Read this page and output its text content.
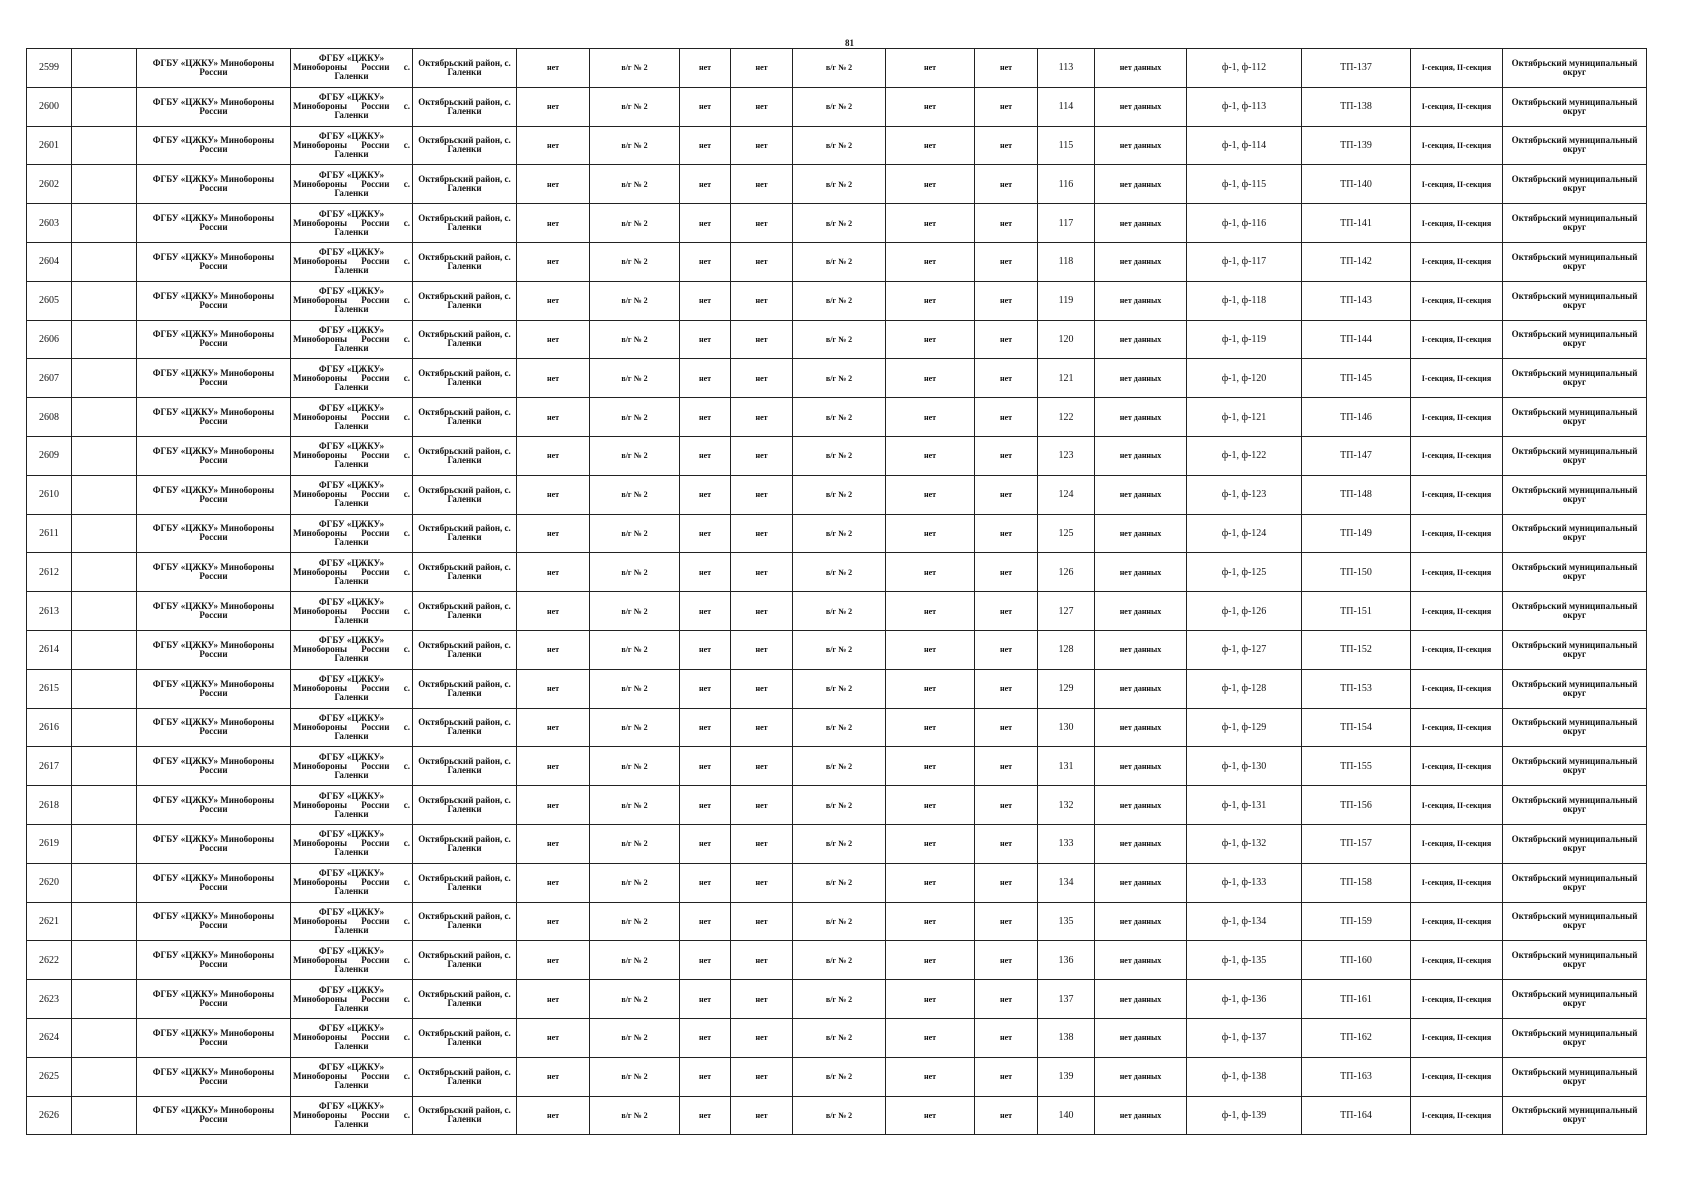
81
2599		ФГБУ «ЦЖКУ» Минобороны России	ФГБУ «ЦЖКУ»
Минобороны России с.
Галенки	Октябрьский район, с. Галенки	нет	в/г № 2	нет	нет	в/г № 2	нет	нет	113	нет данных	ф-1, ф-112	ТП-137	I-секция, II-секция	Октябрьский муниципальный округ
2600		ФГБУ «ЦЖКУ» Минобороны России	ФГБУ «ЦЖКУ»
Минобороны России с.
Галенки	Октябрьский район, с. Галенки	нет	в/г № 2	нет	нет	в/г № 2	нет	нет	114	нет данных	ф-1, ф-113	ТП-138	I-секция, II-секция	Октябрьский муниципальный округ
2601		ФГБУ «ЦЖКУ» Минобороны России	ФГБУ «ЦЖКУ»
Минобороны России с.
Галенки	Октябрьский район, с. Галенки	нет	в/г № 2	нет	нет	в/г № 2	нет	нет	115	нет данных	ф-1, ф-114	ТП-139	I-секция, II-секция	Октябрьский муниципальный округ
2602		ФГБУ «ЦЖКУ» Минобороны России	ФГБУ «ЦЖКУ»
Минобороны России с.
Галенки	Октябрьский район, с. Галенки	нет	в/г № 2	нет	нет	в/г № 2	нет	нет	116	нет данных	ф-1, ф-115	ТП-140	I-секция, II-секция	Октябрьский муниципальный округ
2603		ФГБУ «ЦЖКУ» Минобороны России	ФГБУ «ЦЖКУ»
Минобороны России с.
Галенки	Октябрьский район, с. Галенки	нет	в/г № 2	нет	нет	в/г № 2	нет	нет	117	нет данных	ф-1, ф-116	ТП-141	I-секция, II-секция	Октябрьский муниципальный округ
2604		ФГБУ «ЦЖКУ» Минобороны России	ФГБУ «ЦЖКУ»
Минобороны России с.
Галенки	Октябрьский район, с. Галенки	нет	в/г № 2	нет	нет	в/г № 2	нет	нет	118	нет данных	ф-1, ф-117	ТП-142	I-секция, II-секция	Октябрьский муниципальный округ
2605		ФГБУ «ЦЖКУ» Минобороны России	ФГБУ «ЦЖКУ»
Минобороны России с.
Галенки	Октябрьский район, с. Галенки	нет	в/г № 2	нет	нет	в/г № 2	нет	нет	119	нет данных	ф-1, ф-118	ТП-143	I-секция, II-секция	Октябрьский муниципальный округ
2606		ФГБУ «ЦЖКУ» Минобороны России	ФГБУ «ЦЖКУ»
Минобороны России с.
Галенки	Октябрьский район, с. Галенки	нет	в/г № 2	нет	нет	в/г № 2	нет	нет	120	нет данных	ф-1, ф-119	ТП-144	I-секция, II-секция	Октябрьский муниципальный округ
2607		ФГБУ «ЦЖКУ» Минобороны России	ФГБУ «ЦЖКУ»
Минобороны России с.
Галенки	Октябрьский район, с. Галенки	нет	в/г № 2	нет	нет	в/г № 2	нет	нет	121	нет данных	ф-1, ф-120	ТП-145	I-секция, II-секция	Октябрьский муниципальный округ
2608		ФГБУ «ЦЖКУ» Минобороны России	ФГБУ «ЦЖКУ»
Минобороны России с.
Галенки	Октябрьский район, с. Галенки	нет	в/г № 2	нет	нет	в/г № 2	нет	нет	122	нет данных	ф-1, ф-121	ТП-146	I-секция, II-секция	Октябрьский муниципальный округ
2609		ФГБУ «ЦЖКУ» Минобороны России	ФГБУ «ЦЖКУ»
Минобороны России с.
Галенки	Октябрьский район, с. Галенки	нет	в/г № 2	нет	нет	в/г № 2	нет	нет	123	нет данных	ф-1, ф-122	ТП-147	I-секция, II-секция	Октябрьский муниципальный округ
2610		ФГБУ «ЦЖКУ» Минобороны России	ФГБУ «ЦЖКУ»
Минобороны России с.
Галенки	Октябрьский район, с. Галенки	нет	в/г № 2	нет	нет	в/г № 2	нет	нет	124	нет данных	ф-1, ф-123	ТП-148	I-секция, II-секция	Октябрьский муниципальный округ
2611		ФГБУ «ЦЖКУ» Минобороны России	ФГБУ «ЦЖКУ»
Минобороны России с.
Галенки	Октябрьский район, с. Галенки	нет	в/г № 2	нет	нет	в/г № 2	нет	нет	125	нет данных	ф-1, ф-124	ТП-149	I-секция, II-секция	Октябрьский муниципальный округ
2612		ФГБУ «ЦЖКУ» Минобороны России	ФГБУ «ЦЖКУ»
Минобороны России с.
Галенки	Октябрьский район, с. Галенки	нет	в/г № 2	нет	нет	в/г № 2	нет	нет	126	нет данных	ф-1, ф-125	ТП-150	I-секция, II-секция	Октябрьский муниципальный округ
2613		ФГБУ «ЦЖКУ» Минобороны России	ФГБУ «ЦЖКУ»
Минобороны России с.
Галенки	Октябрьский район, с. Галенки	нет	в/г № 2	нет	нет	в/г № 2	нет	нет	127	нет данных	ф-1, ф-126	ТП-151	I-секция, II-секция	Октябрьский муниципальный округ
2614		ФГБУ «ЦЖКУ» Минобороны России	ФГБУ «ЦЖКУ»
Минобороны России с.
Галенки	Октябрьский район, с. Галенки	нет	в/г № 2	нет	нет	в/г № 2	нет	нет	128	нет данных	ф-1, ф-127	ТП-152	I-секция, II-секция	Октябрьский муниципальный округ
2615		ФГБУ «ЦЖКУ» Минобороны России	ФГБУ «ЦЖКУ»
Минобороны России с.
Галенки	Октябрьский район, с. Галенки	нет	в/г № 2	нет	нет	в/г № 2	нет	нет	129	нет данных	ф-1, ф-128	ТП-153	I-секция, II-секция	Октябрьский муниципальный округ
2616		ФГБУ «ЦЖКУ» Минобороны России	ФГБУ «ЦЖКУ»
Минобороны России с.
Галенки	Октябрьский район, с. Галенки	нет	в/г № 2	нет	нет	в/г № 2	нет	нет	130	нет данных	ф-1, ф-129	ТП-154	I-секция, II-секция	Октябрьский муниципальный округ
2617		ФГБУ «ЦЖКУ» Минобороны России	ФГБУ «ЦЖКУ»
Минобороны России с.
Галенки	Октябрьский район, с. Галенки	нет	в/г № 2	нет	нет	в/г № 2	нет	нет	131	нет данных	ф-1, ф-130	ТП-155	I-секция, II-секция	Октябрьский муниципальный округ
2618		ФГБУ «ЦЖКУ» Минобороны России	ФГБУ «ЦЖКУ»
Минобороны России с.
Галенки	Октябрьский район, с. Галенки	нет	в/г № 2	нет	нет	в/г № 2	нет	нет	132	нет данных	ф-1, ф-131	ТП-156	I-секция, II-секция	Октябрьский муниципальный округ
2619		ФГБУ «ЦЖКУ» Минобороны России	ФГБУ «ЦЖКУ»
Минобороны России с.
Галенки	Октябрьский район, с. Галенки	нет	в/г № 2	нет	нет	в/г № 2	нет	нет	133	нет данных	ф-1, ф-132	ТП-157	I-секция, II-секция	Октябрьский муниципальный округ
2620		ФГБУ «ЦЖКУ» Минобороны России	ФГБУ «ЦЖКУ»
Минобороны России с.
Галенки	Октябрьский район, с. Галенки	нет	в/г № 2	нет	нет	в/г № 2	нет	нет	134	нет данных	ф-1, ф-133	ТП-158	I-секция, II-секция	Октябрьский муниципальный округ
2621		ФГБУ «ЦЖКУ» Минобороны России	ФГБУ «ЦЖКУ»
Минобороны России с.
Галенки	Октябрьский район, с. Галенки	нет	в/г № 2	нет	нет	в/г № 2	нет	нет	135	нет данных	ф-1, ф-134	ТП-159	I-секция, II-секция	Октябрьский муниципальный округ
2622		ФГБУ «ЦЖКУ» Минобороны России	ФГБУ «ЦЖКУ»
Минобороны России с.
Галенки	Октябрьский район, с. Галенки	нет	в/г № 2	нет	нет	в/г № 2	нет	нет	136	нет данных	ф-1, ф-135	ТП-160	I-секция, II-секция	Октябрьский муниципальный округ
2623		ФГБУ «ЦЖКУ» Минобороны России	ФГБУ «ЦЖКУ»
Минобороны России с.
Галенки	Октябрьский район, с. Галенки	нет	в/г № 2	нет	нет	в/г № 2	нет	нет	137	нет данных	ф-1, ф-136	ТП-161	I-секция, II-секция	Октябрьский муниципальный округ
2624		ФГБУ «ЦЖКУ» Минобороны России	ФГБУ «ЦЖКУ»
Минобороны России с.
Галенки	Октябрьский район, с. Галенки	нет	в/г № 2	нет	нет	в/г № 2	нет	нет	138	нет данных	ф-1, ф-137	ТП-162	I-секция, II-секция	Октябрьский муниципальный округ
2625		ФГБУ «ЦЖКУ» Минобороны России	ФГБУ «ЦЖКУ»
Минобороны России с.
Галенки	Октябрьский район, с. Галенки	нет	в/г № 2	нет	нет	в/г № 2	нет	нет	139	нет данных	ф-1, ф-138	ТП-163	I-секция, II-секция	Октябрьский муниципальный округ
2626		ФГБУ «ЦЖКУ» Минобороны России	ФГБУ «ЦЖКУ»
Минобороны России с.
Галенки	Октябрьский район, с. Галенки	нет	в/г № 2	нет	нет	в/г № 2	нет	нет	140	нет данных	ф-1, ф-139	ТП-164	I-секция, II-секция	Октябрьский муниципальный округ
